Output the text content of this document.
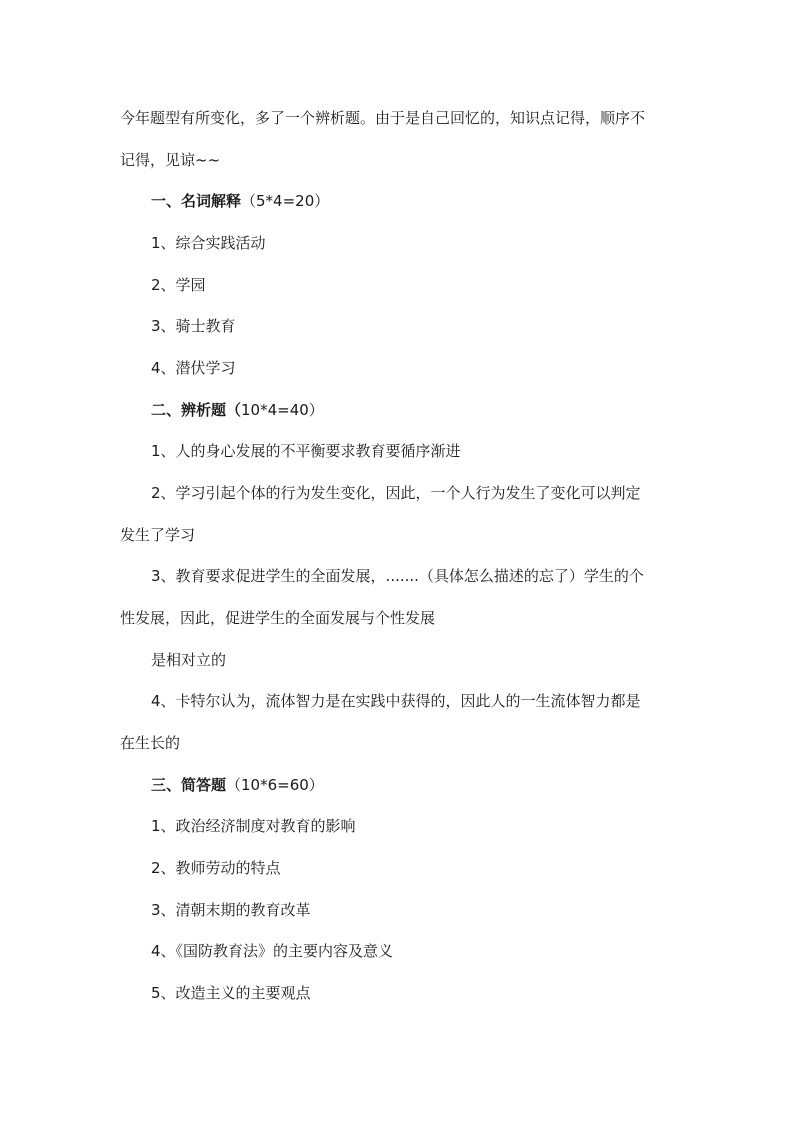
今年题型有所变化，多了一个辨析题。由于是自己回忆的，知识点记得，顺序不
记得，见谅~~
一、名词解释（5*4=20）
1、综合实践活动
2、学园
3、骑士教育
4、潜伏学习
二、辨析题（10*4=40）
1、人的身心发展的不平衡要求教育要循序渐进
2、学习引起个体的行为发生变化，因此，一个人行为发生了变化可以判定
发生了学习
3、教育要求促进学生的全面发展，.......（具体怎么描述的忘了）学生的个
性发展，因此，促进学生的全面发展与个性发展
是相对立的
4、卡特尔认为，流体智力是在实践中获得的，因此人的一生流体智力都是
在生长的
三、简答题（10*6=60）
1、政治经济制度对教育的影响
2、教师劳动的特点
3、清朝末期的教育改革
4、《国防教育法》的主要内容及意义
5、改造主义的主要观点
